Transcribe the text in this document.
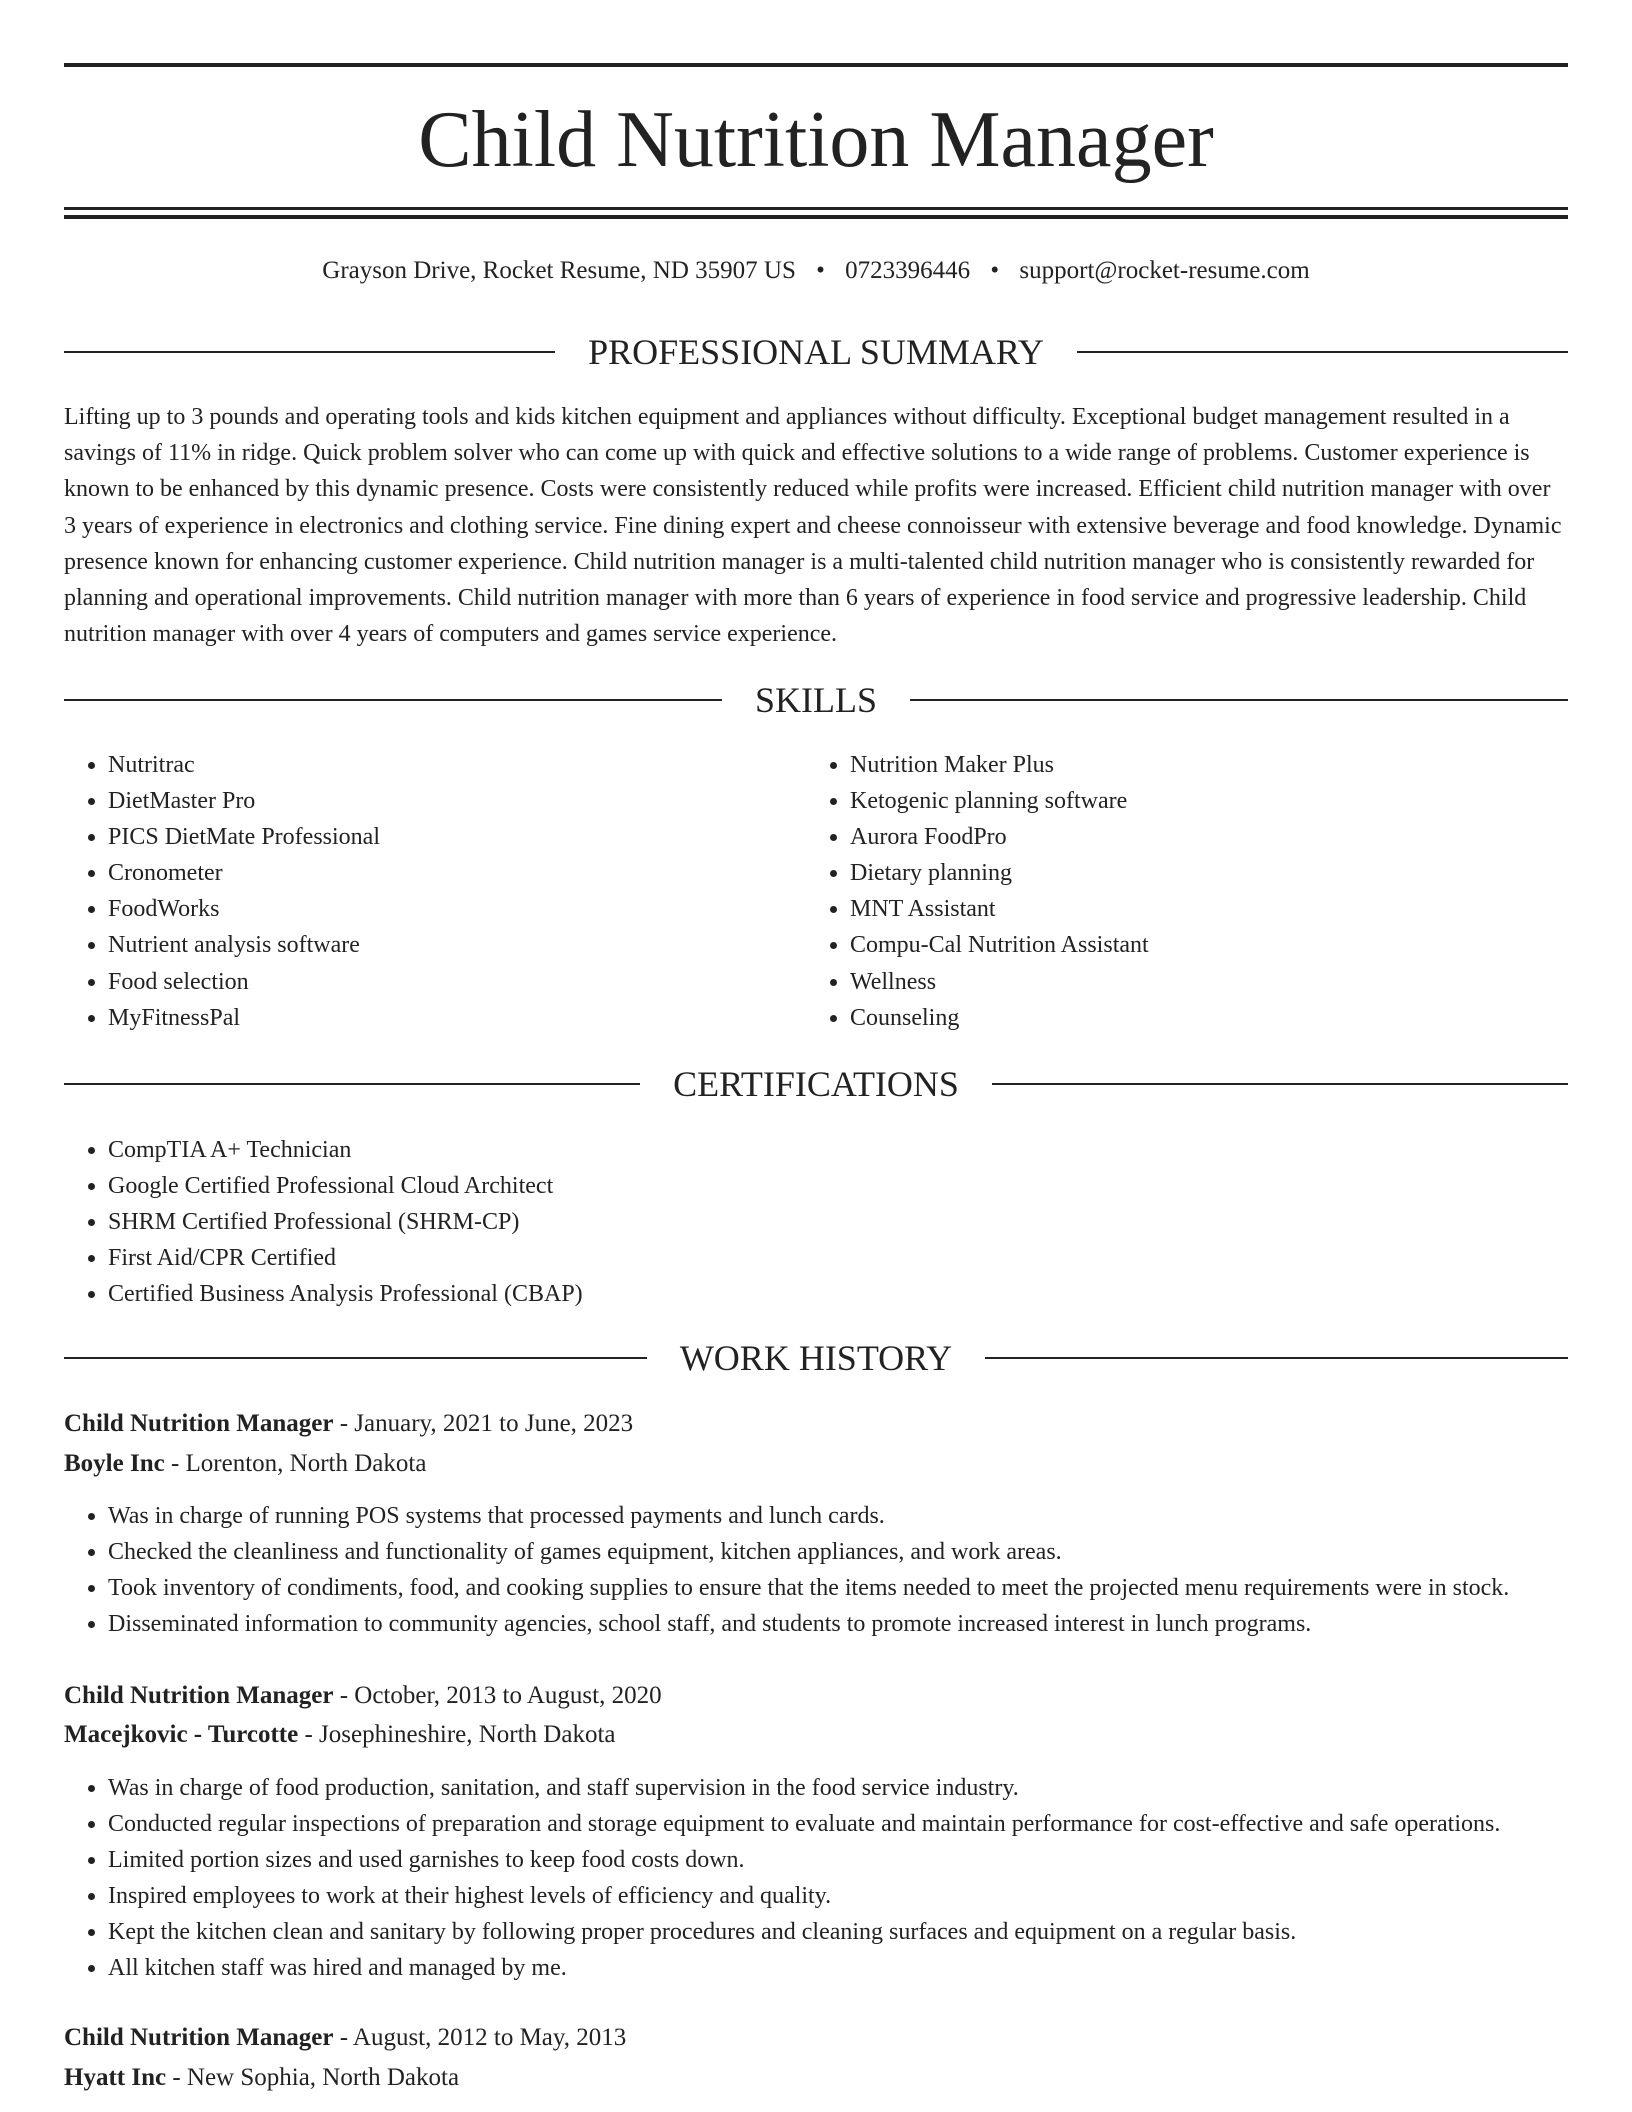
Child Nutrition Manager
Grayson Drive, Rocket Resume, ND 35907 US • 0723396446 • support@rocket-resume.com
PROFESSIONAL SUMMARY

Lifting up to 3 pounds and operating tools and kids kitchen equipment and appliances without difficulty. Exceptional budget management resulted in a savings of 11% in ridge. Quick problem solver who can come up with quick and effective solutions to a wide range of problems. Customer experience is known to be enhanced by this dynamic presence. Costs were consistently reduced while profits were increased. Efficient child nutrition manager with over 3 years of experience in electronics and clothing service. Fine dining expert and cheese connoisseur with extensive beverage and food knowledge. Dynamic presence known for enhancing customer experience. Child nutrition manager is a multi-talented child nutrition manager who is consistently rewarded for planning and operational improvements. Child nutrition manager with more than 6 years of experience in food service and progressive leadership. Child nutrition manager with over 4 years of computers and games service experience.

SKILLS
• Nutritrac
• DietMaster Pro
• PICS DietMate Professional
• Cronometer
• FoodWorks
• Nutrient analysis software
• Food selection
• MyFitnessPal
• Nutrition Maker Plus
• Ketogenic planning software
• Aurora FoodPro
• Dietary planning
• MNT Assistant
• Compu-Cal Nutrition Assistant
• Wellness
• Counseling
CERTIFICATIONS
• CompTIA A+ Technician
• Google Certified Professional Cloud Architect
• SHRM Certified Professional (SHRM-CP)
• First Aid/CPR Certified
• Certified Business Analysis Professional (CBAP)
WORK HISTORY

Child Nutrition Manager - January, 2021 to June, 2023

Boyle Inc - Lorenton, North Dakota

• Was in charge of running POS systems that processed payments and lunch cards.
• Checked the cleanliness and functionality of games equipment, kitchen appliances, and work areas.
• Took inventory of condiments, food, and cooking supplies to ensure that the items needed to meet the projected menu requirements were in stock.
• Disseminated information to community agencies, school staff, and students to promote increased interest in lunch programs.

Child Nutrition Manager - October, 2013 to August, 2020

Macejkovic - Turcotte - Josephineshire, North Dakota

• Was in charge of food production, sanitation, and staff supervision in the food service industry.
• Conducted regular inspections of preparation and storage equipment to evaluate and maintain performance for cost-effective and safe operations.
• Limited portion sizes and used garnishes to keep food costs down.
• Inspired employees to work at their highest levels of efficiency and quality.
• Kept the kitchen clean and sanitary by following proper procedures and cleaning surfaces and equipment on a regular basis.
• All kitchen staff was hired and managed by me.

Child Nutrition Manager - August, 2012 to May, 2013

Hyatt Inc - New Sophia, North Dakota
